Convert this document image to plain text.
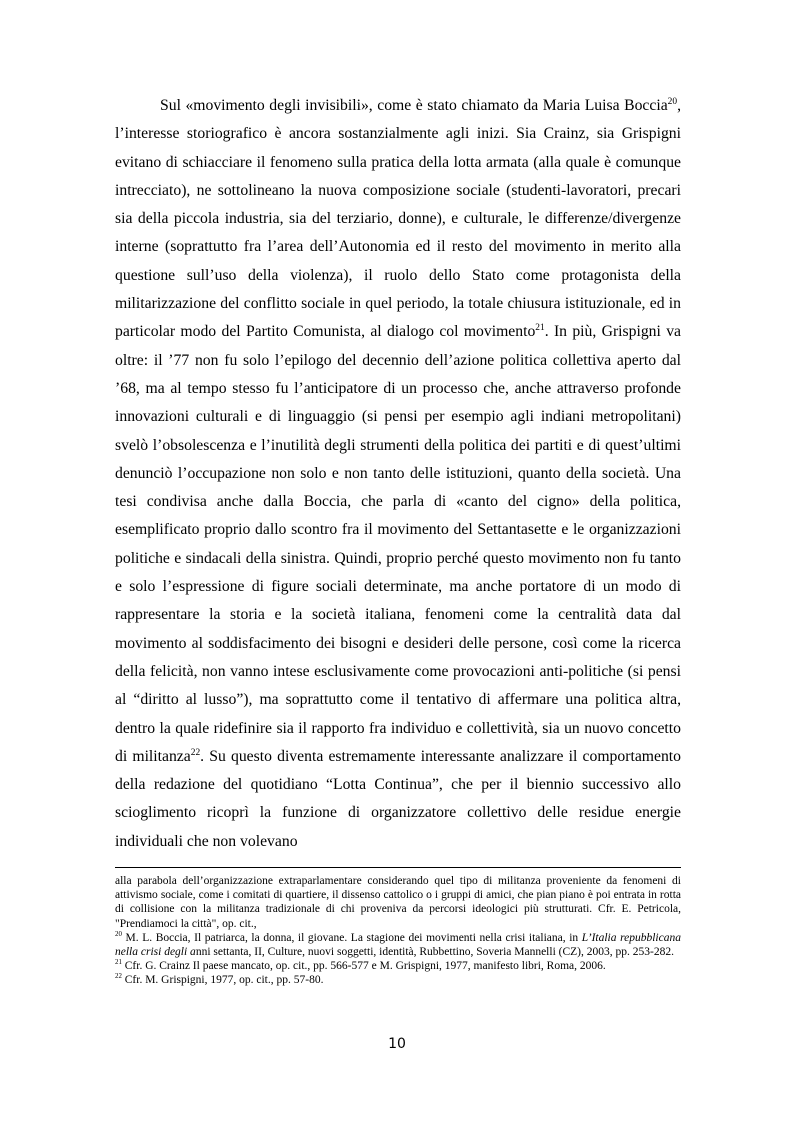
Sul «movimento degli invisibili», come è stato chiamato da Maria Luisa Boccia$^{20}$, l’interesse storiografico è ancora sostanzialmente agli inizi. Sia Crainz, sia Grispigni evitano di schiacciare il fenomeno sulla pratica della lotta armata (alla quale è comunque intrecciato), ne sottolineano la nuova composizione sociale (studenti-lavoratori, precari sia della piccola industria, sia del terziario, donne), e culturale, le differenze/divergenze interne (soprattutto fra l’area dell’Autonomia ed il resto del movimento in merito alla questione sull’uso della violenza), il ruolo dello Stato come protagonista della militarizzazione del conflitto sociale in quel periodo, la totale chiusura istituzionale, ed in particolar modo del Partito Comunista, al dialogo col movimento$^{21}$. In più, Grispigni va oltre: il ’77 non fu solo l’epilogo del decennio dell’azione politica collettiva aperto dal ’68, ma al tempo stesso fu l’anticipatore di un processo che, anche attraverso profonde innovazioni culturali e di linguaggio (si pensi per esempio agli indiani metropolitani) svelò l’obsolescenza e l’inutilità degli strumenti della politica dei partiti e di quest’ultimi denunciò l’occupazione non solo e non tanto delle istituzioni, quanto della società. Una tesi condivisa anche dalla Boccia, che parla di «canto del cigno» della politica, esemplificato proprio dallo scontro fra il movimento del Settantasette e le organizzazioni politiche e sindacali della sinistra. Quindi, proprio perché questo movimento non fu tanto e solo l’espressione di figure sociali determinate, ma anche portatore di un modo di rappresentare la storia e la società italiana, fenomeni come la centralità data dal movimento al soddisfacimento dei bisogni e desideri delle persone, così come la ricerca della felicità, non vanno intese esclusivamente come provocazioni anti-politiche (si pensi al “diritto al lusso”), ma soprattutto come il tentativo di affermare una politica altra, dentro la quale ridefinire sia il rapporto fra individuo e collettività, sia un nuovo concetto di militanza$^{22}$. Su questo diventa estremamente interessante analizzare il comportamento della redazione del quotidiano “Lotta Continua”, che per il biennio successivo allo scioglimento ricoprì la funzione di organizzatore collettivo delle residue energie individuali che non volevano

alla parabola dell’organizzazione extraparlamentare considerando quel tipo di militanza proveniente da fenomeni di attivismo sociale, come i comitati di quartiere, il dissenso cattolico o i gruppi di amici, che pian piano è poi entrata in rotta di collisione con la militanza tradizionale di chi proveniva da percorsi ideologici più strutturati. Cfr. E. Petricola, "Prendiamoci la città", op. cit.,

$^{20}$ M. L. Boccia, Il patriarca, la donna, il giovane. La stagione dei movimenti nella crisi italiana, in L’Italia repubblicana nella crisi degli anni settanta, II, Culture, nuovi soggetti, identità, Rubbettino, Soveria Mannelli (CZ), 2003, pp. 253-282.

$^{21}$ Cfr. G. Crainz Il paese mancato, op. cit., pp. 566-577 e M. Grispigni, 1977, manifesto libri, Roma, 2006.

$^{22}$ Cfr. M. Grispigni, 1977, op. cit., pp. 57-80.

10
